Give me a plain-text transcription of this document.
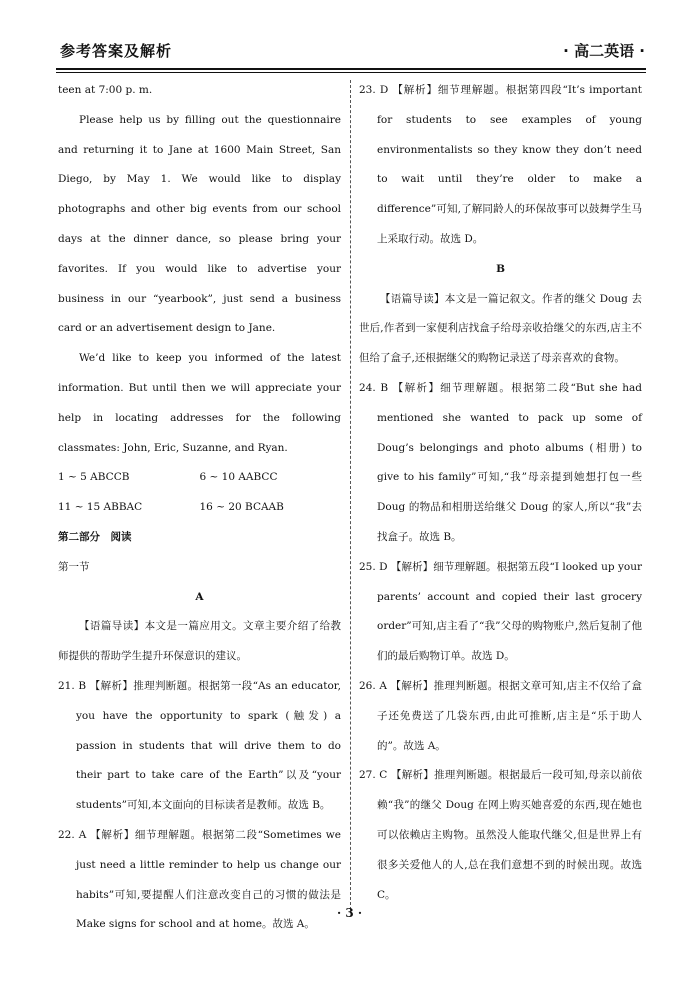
参考答案及解析	· 高二英语 ·

teen at 7:00 p. m.

Please help us by filling out the questionnaire and returning it to Jane at 1600 Main Street, San Diego, by May 1. We would like to display photographs and other big events from our school days at the dinner dance, so please bring your favorites. If you would like to advertise your business in our “yearbook”, just send a business card or an advertisement design to Jane.

We’d like to keep you informed of the latest information. But until then we will appreciate your help in locating addresses for the following classmates: John, Eric, Suzanne, and Ryan.

1 ~ 5 ABCCB	6 ~ 10 AABCC
11 ~ 15 ABBAC	16 ~ 20 BCAAB

第二部分　阅读

第一节

A

【语篇导读】本文是一篇应用文。文章主要介绍了给教师提供的帮助学生提升环保意识的建议。

21. B 【解析】推理判断题。根据第一段“As an educator, you have the opportunity to spark (触发) a passion in students that will drive them to do their part to take care of the Earth”以及“your students”可知,本文面向的目标读者是教师。故选 B。

22. A 【解析】细节理解题。根据第二段“Sometimes we just need a little reminder to help us change our habits”可知,要提醒人们注意改变自己的习惯的做法是 Make signs for school and at home。故选 A。

23. D 【解析】细节理解题。根据第四段“It’s important for students to see examples of young environmentalists so they know they don’t need to wait until they’re older to make a difference”可知,了解同龄人的环保故事可以鼓舞学生马上采取行动。故选 D。

B

【语篇导读】本文是一篇记叙文。作者的继父 Doug 去世后,作者到一家便利店找盒子给母亲收拾继父的东西,店主不但给了盒子,还根据继父的购物记录送了母亲喜欢的食物。

24. B 【解析】细节理解题。根据第二段“But she had mentioned she wanted to pack up some of Doug’s belongings and photo albums (相册) to give to his family”可知,“我”母亲提到她想打包一些 Doug 的物品和相册送给继父 Doug 的家人,所以“我”去找盒子。故选 B。

25. D 【解析】细节理解题。根据第五段“I looked up your parents’ account and copied their last grocery order”可知,店主看了“我”父母的购物账户,然后复制了他们的最后购物订单。故选 D。

26. A 【解析】推理判断题。根据文章可知,店主不仅给了盒子还免费送了几袋东西,由此可推断,店主是“乐于助人的”。故选 A。

27. C 【解析】推理判断题。根据最后一段可知,母亲以前依赖“我”的继父 Doug 在网上购买她喜爱的东西,现在她也可以依赖店主购物。虽然没人能取代继父,但是世界上有很多关爱他人的人,总在我们意想不到的时候出现。故选 C。

· 3 ·
